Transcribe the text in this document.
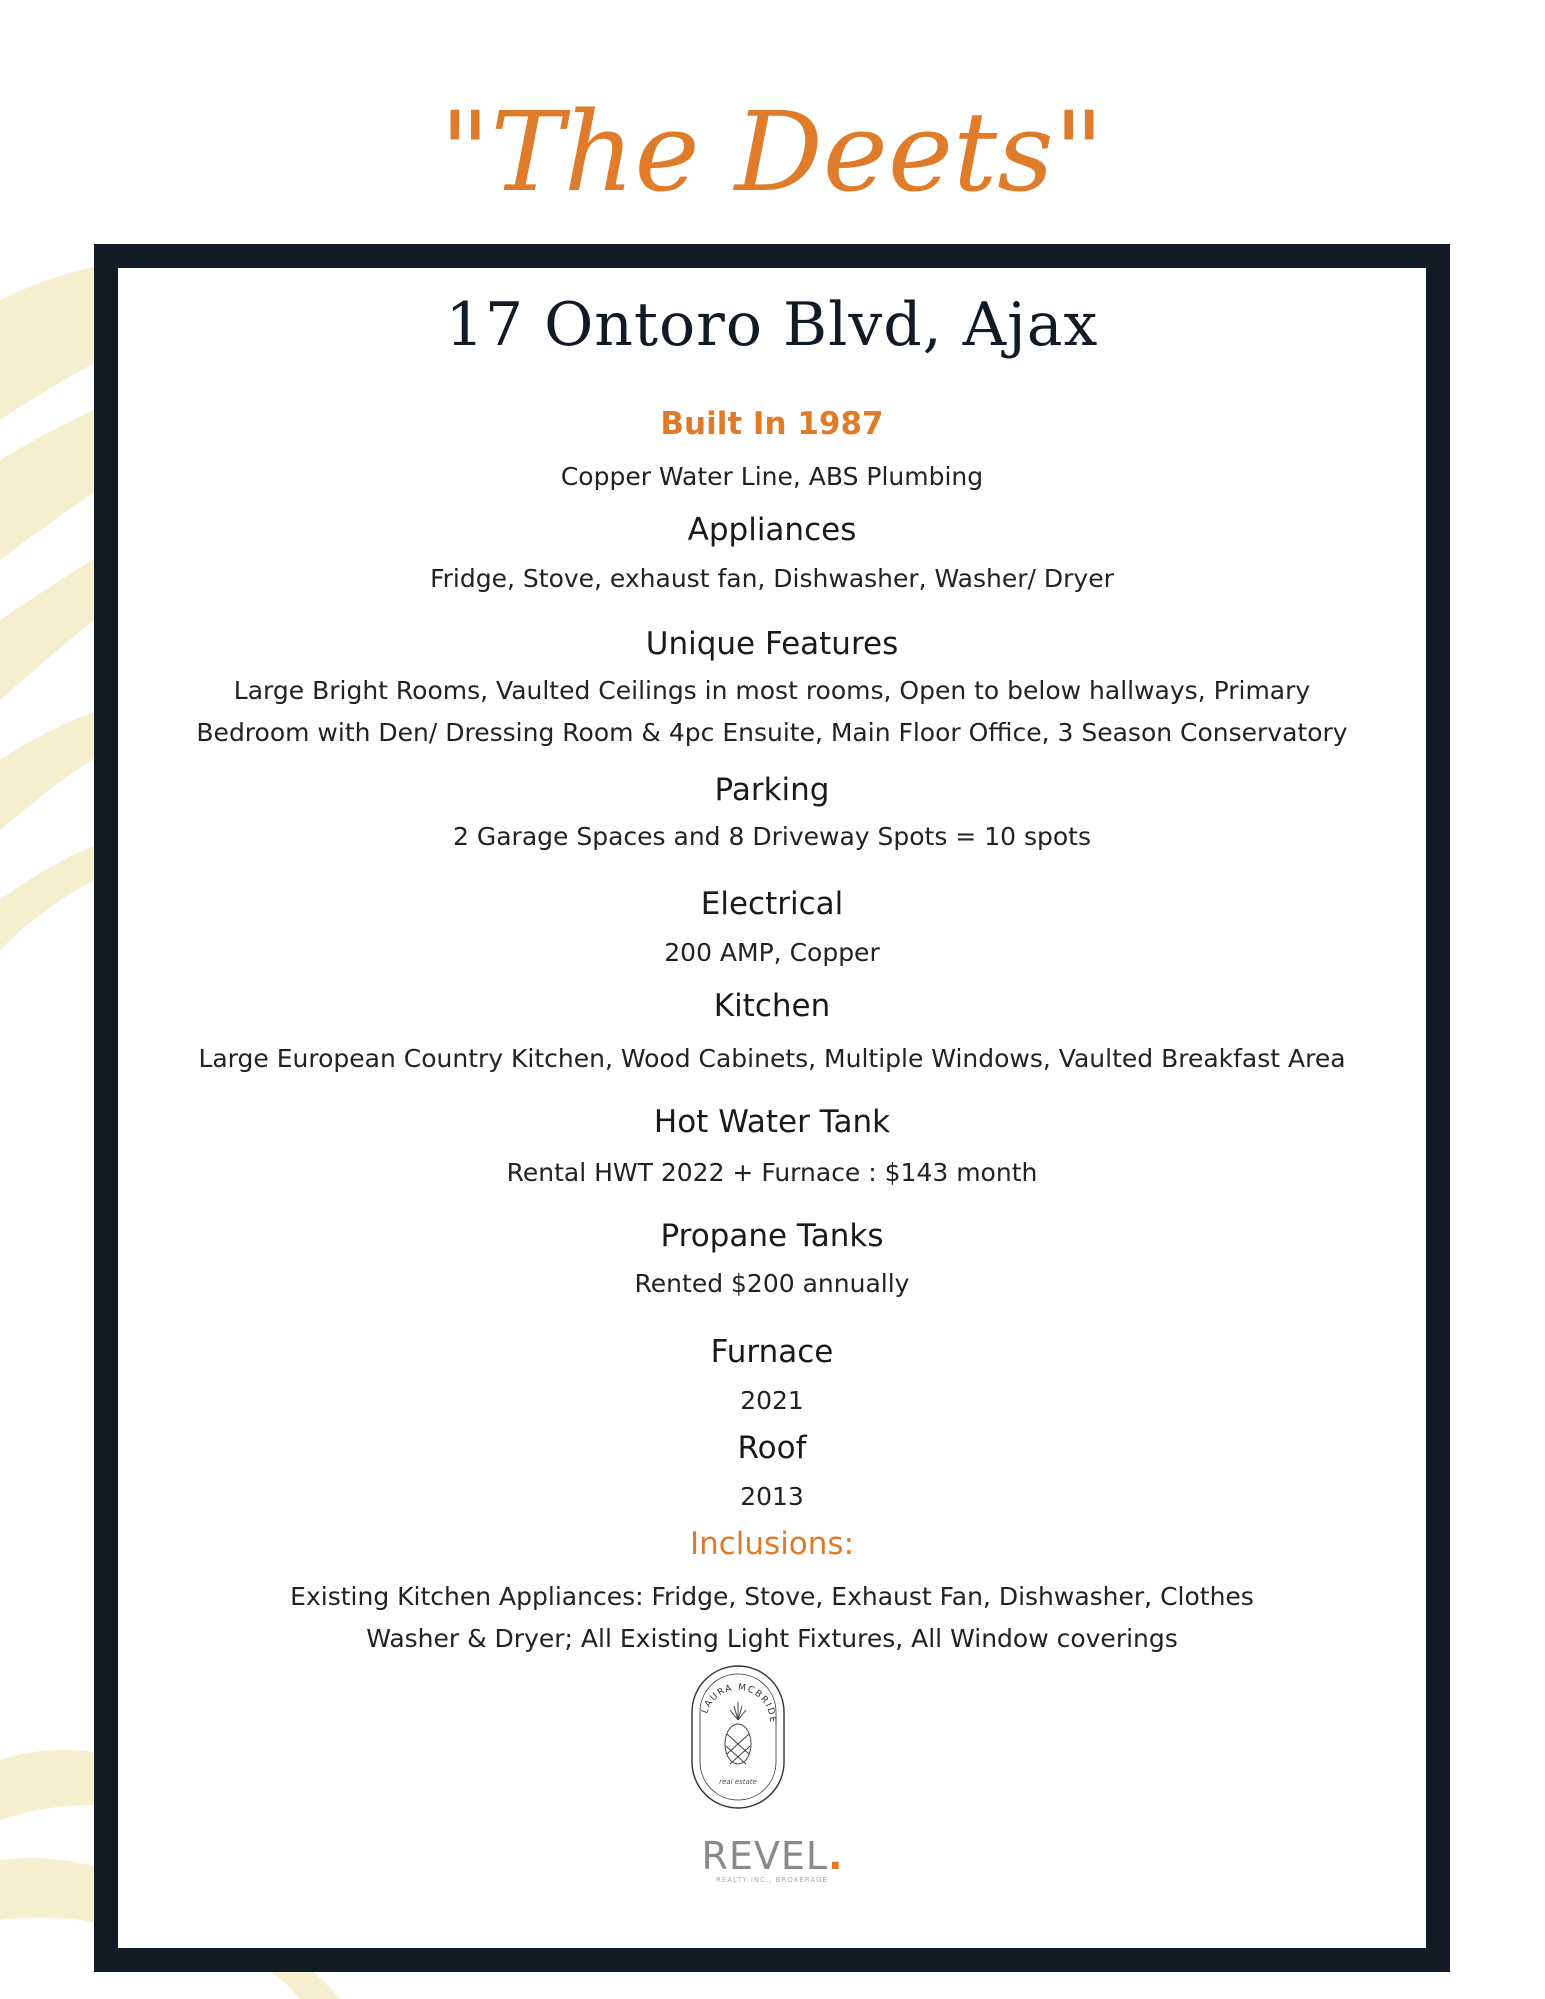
"The Deets"
17 Ontoro Blvd, Ajax
Built In 1987
Copper Water Line, ABS Plumbing
Appliances
Fridge, Stove, exhaust fan, Dishwasher, Washer/ Dryer
Unique Features
Large Bright Rooms, Vaulted Ceilings in most rooms, Open to below hallways, Primary
Bedroom with Den/ Dressing Room & 4pc Ensuite, Main Floor Office, 3 Season Conservatory
Parking
2 Garage Spaces and 8 Driveway Spots = 10 spots
Electrical
200 AMP, Copper
Kitchen
Large European Country Kitchen, Wood Cabinets, Multiple Windows, Vaulted Breakfast Area
Hot Water Tank
Rental HWT 2022 + Furnace : $143 month
Propane Tanks
Rented $200 annually
Furnace
2021
Roof
2013
Inclusions:
Existing Kitchen Appliances: Fridge, Stove, Exhaust Fan, Dishwasher, Clothes
Washer & Dryer; All Existing Light Fixtures, All Window coverings
LAURA MCBRIDE
real estate
REVEL.
REALTY INC., BROKERAGE
